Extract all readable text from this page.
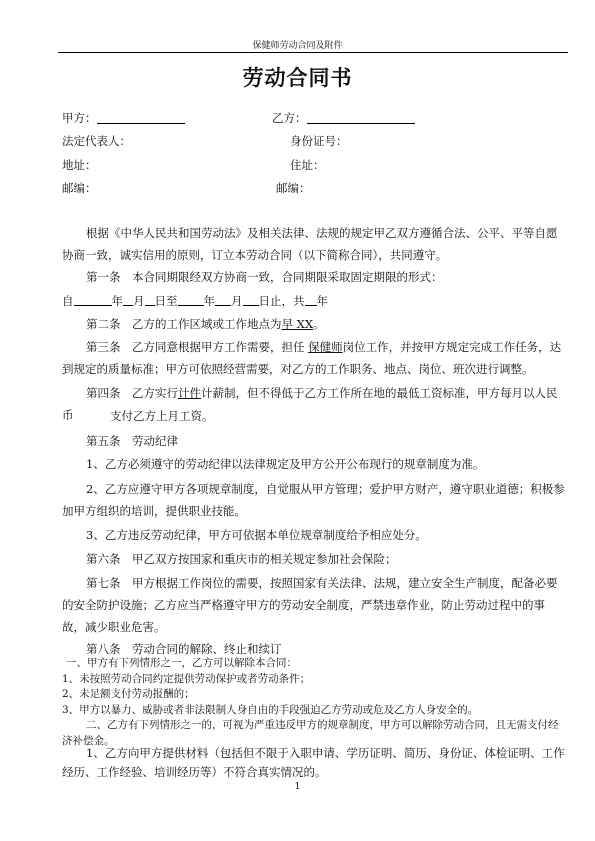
保健师劳动合同及附件
劳动合同书
甲方：	乙方：
法定代表人：	身份证号：
地址：	住址：
邮编：	邮编：
根据《中华人民共和国劳动法》及相关法律、法规的规定甲乙双方遵循合法、公平、平等自愿协商一致，诚实信用的原则，订立本劳动合同（以下简称合同），共同遵守。
第一条　本合同期限经双方协商一致，合同期限采取固定期限的形式：
自	年 月 日至 年 月 日止，共 年
第二条　乙方的工作区域或工作地点为早 XX。
第三条　乙方同意根据甲方工作需要，担任 保健师岗位工作，并按甲方规定完成工作任务，达到规定的质量标准；甲方可依照经营需要，对乙方的工作职务、地点、岗位、班次进行调整。
第四条　乙方实行计件计薪制，但不得低于乙方工作所在地的最低工资标准，甲方每月以人民币	支付乙方上月工资。
第五条　劳动纪律
1、乙方必须遵守的劳动纪律以法律规定及甲方公开公布现行的规章制度为准。
2、乙方应遵守甲方各项规章制度，自觉服从甲方管理；爱护甲方财产，遵守职业道德；积极参加甲方组织的培训，提供职业技能。
3、乙方违反劳动纪律，甲方可依据本单位规章制度给予相应处分。
第六条　甲乙双方按国家和重庆市的相关规定参加社会保险；
第七条　甲方根据工作岗位的需要，按照国家有关法律、法规，建立安全生产制度，配备必要的安全防护设施；乙方应当严格遵守甲方的劳动安全制度，严禁违章作业，防止劳动过程中的事故，减少职业危害。
第八条　劳动合同的解除、终止和续订
一、甲方有下列情形之一，乙方可以解除本合同：
1、未按照劳动合同约定提供劳动保护或者劳动条件；
2、未足额支付劳动报酬的；
3、甲方以暴力、威胁或者非法限制人身自由的手段强迫乙方劳动或危及乙方人身安全的。
二、乙方有下列情形之一的，可视为严重违反甲方的规章制度，甲方可以解除劳动合同，且无需支付经济补偿金。
1、乙方向甲方提供材料（包括但不限于入职申请、学历证明、简历、身份证、体检证明、工作经历、工作经验、培训经历等）不符合真实情况的。
1
